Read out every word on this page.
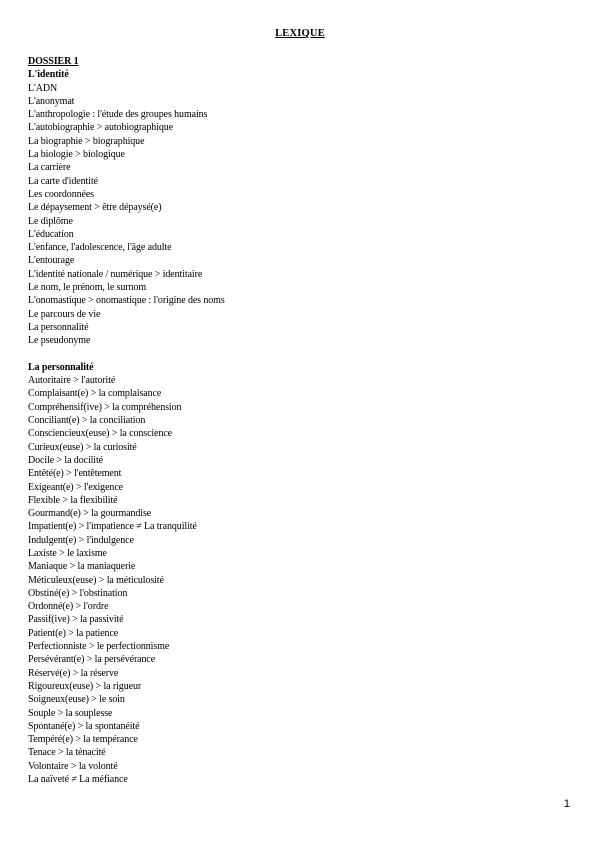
LEXIQUE
DOSSIER 1
L'identité
L'ADN
L'anonymat
L'anthropologie : l'étude des groupes humains
L'autobiographie > autobiographique
La biographie > biographique
La biologie > biologique
La carrière
La carte d'identité
Les coordonnées
Le dépaysement > être dépaysé(e)
Le diplôme
L'éducation
L'enfance, l'adolescence, l'âge adulte
L'entourage
L'identité nationale / numérique > identitaire
Le nom, le prénom, le surnom
L'onomastique > onomastique : l'origine des noms
Le parcours de vie
La personnalité
Le pseudonyme
La personnalité
Autoritaire > l'autorité
Complaisant(e) > la complaisance
Compréhensif(ive) > la compréhension
Conciliant(e) > la conciliation
Consciencieux(euse) > la conscience
Curieux(euse) > la curiosité
Docile > la docilité
Entêté(e) > l'entêtement
Exigeant(e) > l'exigence
Flexible > la flexibilité
Gourmand(e) > la gourmandise
Impatient(e) > l'impatience ≠ La tranquilité
Indulgent(e) > l'indulgence
Laxiste > le laxisme
Maniaque > la maniaquerie
Méticuleux(euse) > la méticulosité
Obstiné(e) > l'obstination
Ordonné(e) > l'ordre
Passif(ive) > la passivité
Patient(e) > la patience
Perfectionniste > le perfectionnisme
Persévérant(e) > la persévérance
Réservé(e) > la réserve
Rigoureux(euse) > la rigueur
Soigneux(euse) > le soin
Souple > la souplesse
Spontané(e) > la spontanéité
Tempéré(e) > la tempérance
Tenace > la ténacité
Volontaire > la volonté
La naïveté ≠ La méfiance
1
